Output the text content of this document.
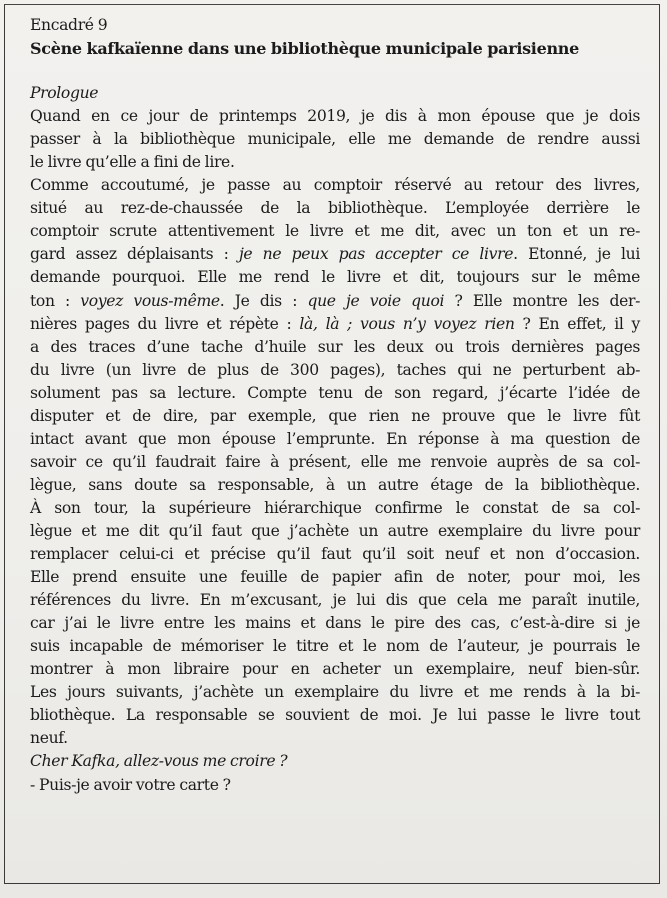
Encadré 9
Scène kafkaïenne dans une bibliothèque municipale parisienne
Prologue
Quand en ce jour de printemps 2019, je dis à mon épouse que je dois
passer à la bibliothèque municipale, elle me demande de rendre aussi
le livre qu’elle a fini de lire.
Comme accoutumé, je passe au comptoir réservé au retour des livres,
situé au rez-de-chaussée de la bibliothèque. L’employée derrière le
comptoir scrute attentivement le livre et me dit, avec un ton et un re-
gard assez déplaisants : je ne peux pas accepter ce livre. Etonné, je lui
demande pourquoi. Elle me rend le livre et dit, toujours sur le même
ton : voyez vous-même. Je dis : que je voie quoi ? Elle montre les der-
nières pages du livre et répète : là, là ; vous n’y voyez rien ? En effet, il y
a des traces d’une tache d’huile sur les deux ou trois dernières pages
du livre (un livre de plus de 300 pages), taches qui ne perturbent ab-
solument pas sa lecture. Compte tenu de son regard, j’écarte l’idée de
disputer et de dire, par exemple, que rien ne prouve que le livre fût
intact avant que mon épouse l’emprunte. En réponse à ma question de
savoir ce qu’il faudrait faire à présent, elle me renvoie auprès de sa col-
lègue, sans doute sa responsable, à un autre étage de la bibliothèque.
À son tour, la supérieure hiérarchique confirme le constat de sa col-
lègue et me dit qu’il faut que j’achète un autre exemplaire du livre pour
remplacer celui-ci et précise qu’il faut qu’il soit neuf et non d’occasion.
Elle prend ensuite une feuille de papier afin de noter, pour moi, les
références du livre. En m’excusant, je lui dis que cela me paraît inutile,
car j’ai le livre entre les mains et dans le pire des cas, c’est-à-dire si je
suis incapable de mémoriser le titre et le nom de l’auteur, je pourrais le
montrer à mon libraire pour en acheter un exemplaire, neuf bien-sûr.
Les jours suivants, j’achète un exemplaire du livre et me rends à la bi-
bliothèque. La responsable se souvient de moi. Je lui passe le livre tout
neuf.
Cher Kafka, allez-vous me croire ?
- Puis-je avoir votre carte ?
